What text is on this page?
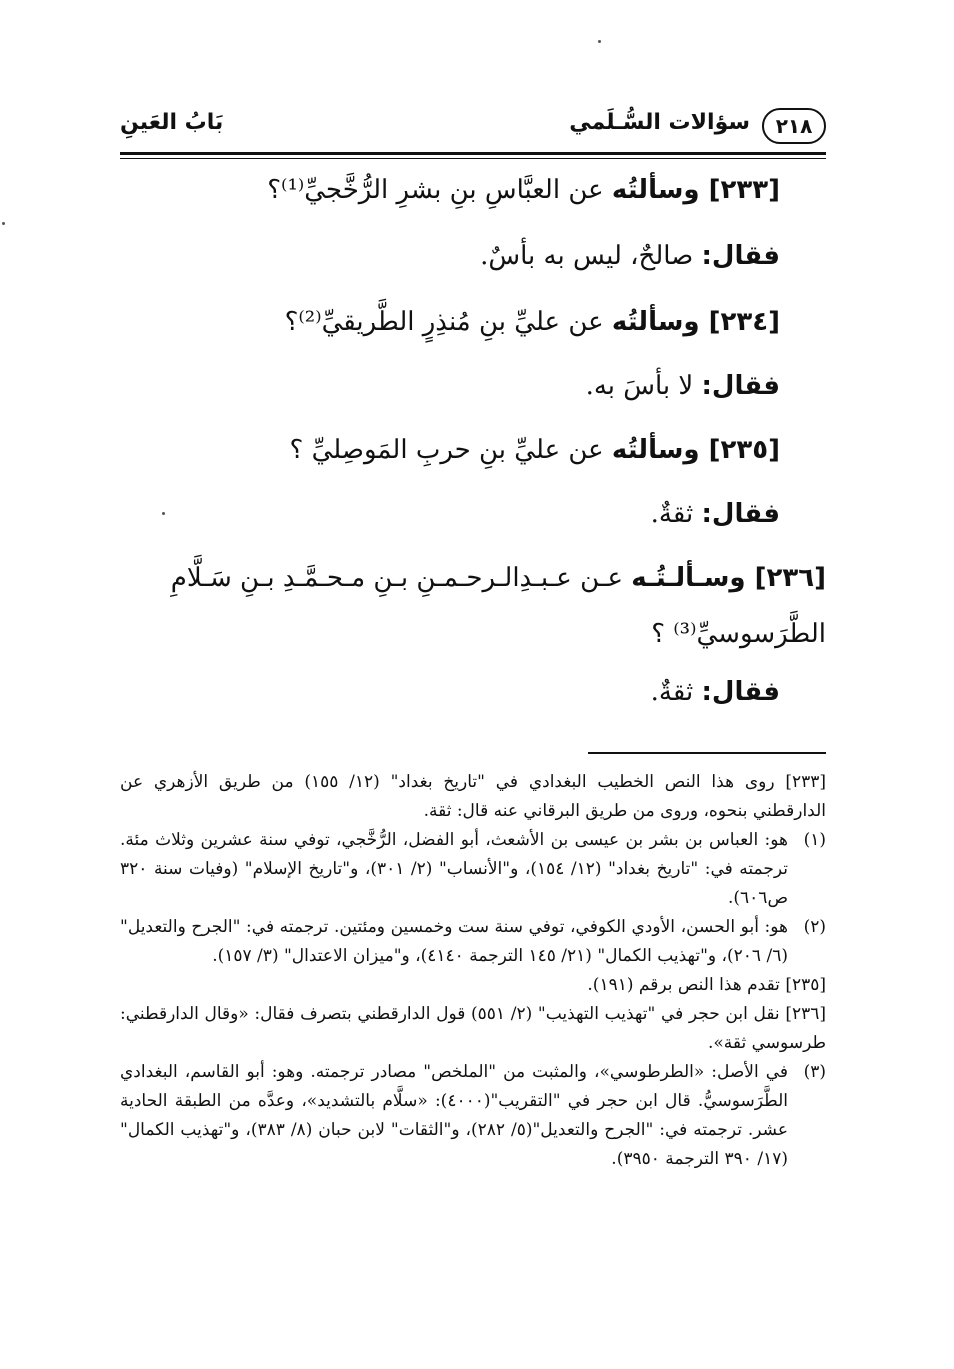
٢١٨
سؤالات السُّـلَمي
بَابُ العَينِ
[٢٣٣] وسألتُه عن العبَّاسِ بنِ بشرِ الرُّخَّجيِّ⁽¹⁾؟
فقال: صالحٌ، ليس به بأسٌ.
[٢٣٤] وسألتُه عن عليِّ بنِ مُنذِرٍ الطَّريقيِّ⁽²⁾؟
فقال: لا بأسَ به.
[٢٣٥] وسألتُه عن عليِّ بنِ حربِ المَوصِليِّ ؟
فقال: ثقةٌ.
[٢٣٦] وسـألـتُـه عـن عـبـدِالـرحـمـنِ بـنِ مـحـمَّـدِ بـنِ سَـلَّامِ
الطَّرَسوسيِّ⁽³⁾ ؟
فقال: ثقةٌ.
[٢٣٣] روى هذا النص الخطيب البغدادي في "تاريخ بغداد" (١٢/ ١٥٥) من طريق الأزهري عن الدارقطني بنحوه، وروى من طريق البرقاني عنه قال: ثقة.
(١)
هو: العباس بن بشر بن عيسى بن الأشعث، أبو الفضل، الرُّخَّجي، توفي سنة عشرين وثلاث مئة. ترجمته في: "تاريخ بغداد" (١٢/ ١٥٤)، و"الأنساب" (٢/ ٣٠١)، و"تاريخ الإسلام" (وفيات سنة ٣٢٠ ص٦٠٦).
(٢)
هو: أبو الحسن، الأودي الكوفي، توفي سنة ست وخمسين ومئتين. ترجمته في: "الجرح والتعديل" (٦/ ٢٠٦)، و"تهذيب الكمال" (٢١/ ١٤٥ الترجمة ٤١٤٠)، و"ميزان الاعتدال" (٣/ ١٥٧).
[٢٣٥] تقدم هذا النص برقم (١٩١).
[٢٣٦] نقل ابن حجر في "تهذيب التهذيب" (٢/ ٥٥١) قول الدارقطني بتصرف فقال: «وقال الدارقطني: طرسوسي ثقة».
(٣)
في الأصل: «الطرطوسي»، والمثبت من "الملخص" مصادر ترجمته. وهو: أبو القاسم، البغدادي الطَّرَسوسيُّ. قال ابن حجر في "التقريب"(٤٠٠٠): «سلَّام بالتشديد»، وعدَّه من الطبقة الحادية عشر. ترجمته في: "الجرح والتعديل"(٥/ ٢٨٢)، و"الثقات" لابن حبان (٨/ ٣٨٣)، و"تهذيب الكمال" (١٧/ ٣٩٠ الترجمة ٣٩٥٠).
